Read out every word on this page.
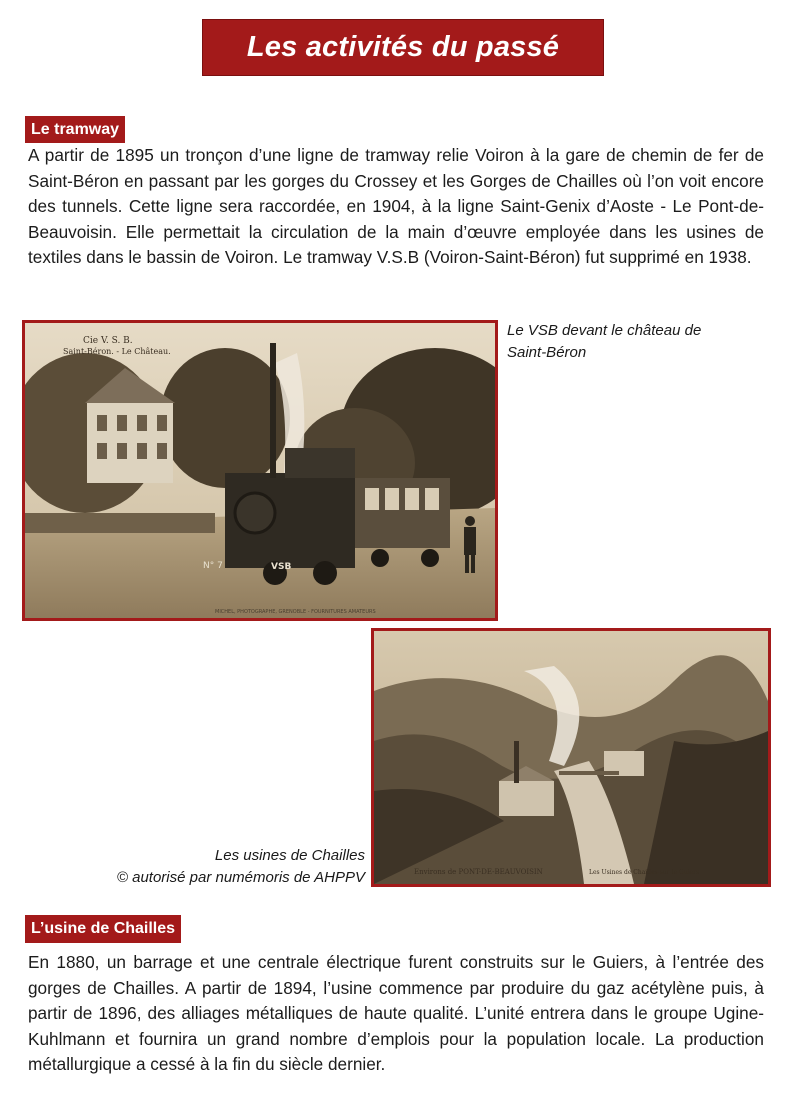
Les activités du passé
Le tramway

A partir de 1895 un tronçon d’une ligne de tramway relie Voiron à la gare de chemin de fer de Saint-Béron en passant par les gorges du Crossey et les Gorges de Chailles où l’on voit encore des tunnels. Cette ligne sera raccordée, en 1904, à la ligne Saint-Genix d’Aoste - Le Pont-de-Beauvoisin. Elle permettait la circulation de la main d’œuvre employée dans les usines de textiles dans le bassin de Voiron. Le tramway V.S.B (Voiron-Saint-Béron) fut supprimé en 1938.

Cie V. S. B.
Saint-Béron. - Le Château.
N° 7	VSB
MICHEL, PHOTOGRAPHE, GRENOBLE - FOURNITURES AMATEURS
Le VSB devant le château de
Saint-Béron
Environs de PONT-DE-BEAUVOISIN	Les Usines de Chailles-sur-le-Guiers
Les usines de Chailles
© autorisé par numémoris de AHPPV
L’usine de Chailles

En 1880, un barrage et une centrale électrique furent construits sur le Guiers, à l’entrée des gorges de Chailles. A partir de 1894, l’usine commence par produire du gaz acétylène puis, à partir de 1896, des alliages métalliques de haute qualité. L’unité entrera dans le groupe Ugine-Kuhlmann et fournira un grand nombre d’emplois pour la population locale. La production métallurgique a cessé à la fin du siècle dernier.
